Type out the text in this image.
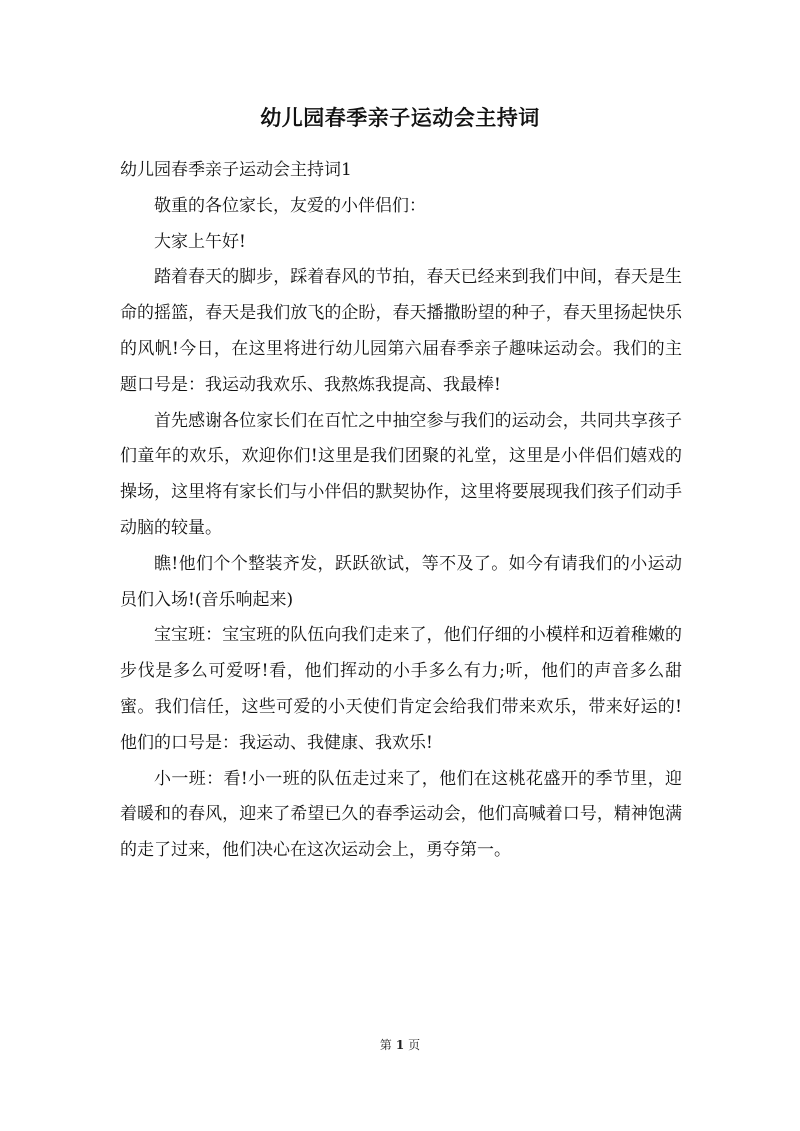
幼儿园春季亲子运动会主持词

幼儿园春季亲子运动会主持词1

敬重的各位家长，友爱的小伴侣们：

大家上午好!

踏着春天的脚步，踩着春风的节拍，春天已经来到我们中间，春天是生命的摇篮，春天是我们放飞的企盼，春天播撒盼望的种子，春天里扬起快乐的风帆!今日，在这里将进行幼儿园第六届春季亲子趣味运动会。我们的主题口号是：我运动我欢乐、我熬炼我提高、我最棒!

首先感谢各位家长们在百忙之中抽空参与我们的运动会，共同共享孩子们童年的欢乐，欢迎你们!这里是我们团聚的礼堂，这里是小伴侣们嬉戏的操场，这里将有家长们与小伴侣的默契协作，这里将要展现我们孩子们动手动脑的较量。

瞧!他们个个整装齐发，跃跃欲试，等不及了。如今有请我们的小运动员们入场!(音乐响起来)

宝宝班：宝宝班的队伍向我们走来了，他们仔细的小模样和迈着稚嫩的步伐是多么可爱呀!看，他们挥动的小手多么有力;听，他们的声音多么甜蜜。我们信任，这些可爱的小天使们肯定会给我们带来欢乐，带来好运的!他们的口号是：我运动、我健康、我欢乐!

小一班：看!小一班的队伍走过来了，他们在这桃花盛开的季节里，迎着暖和的春风，迎来了希望已久的春季运动会，他们高喊着口号，精神饱满的走了过来，他们决心在这次运动会上，勇夺第一。

第 1 页
